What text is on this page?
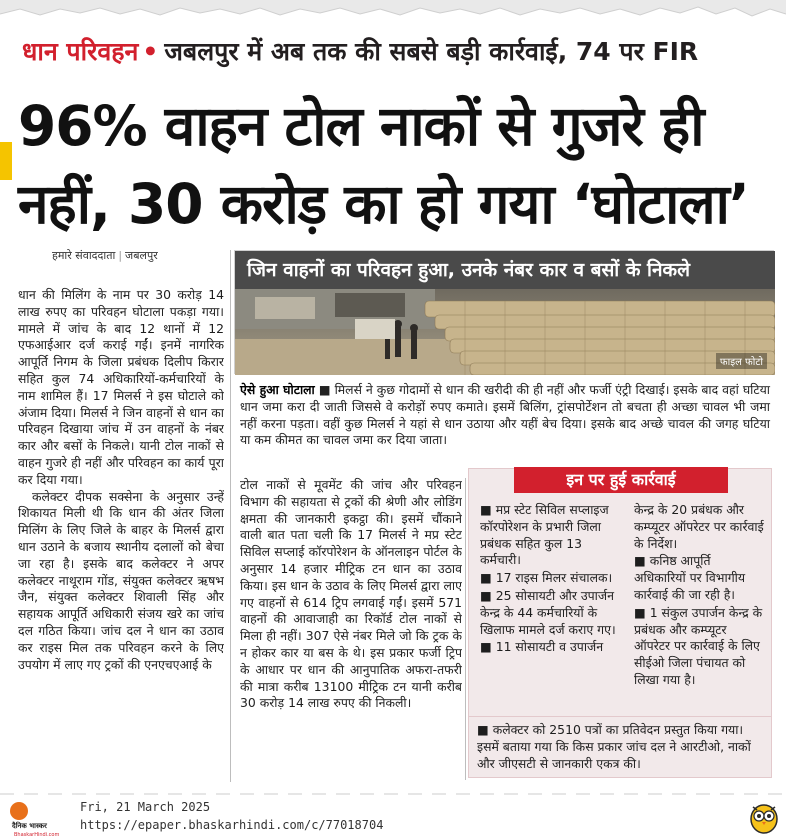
धान परिवहन • जबलपुर में अब तक की सबसे बड़ी कार्रवाई, 74 पर FIR
96% वाहन टोल नाकों से गुजरे ही
नहीं, 30 करोड़ का हो गया ‘घोटाला’
हमारे संवाददाता | जबलपुर

धान की मिलिंग के नाम पर 30 करोड़ 14 लाख रुपए का परिवहन घोटाला पकड़ा गया। मामले में जांच के बाद 12 थानों में 12 एफआईआर दर्ज कराई गईं। इनमें नागरिक आपूर्ति निगम के जिला प्रबंधक दिलीप किरार सहित कुल 74 अधिकारियों-कर्मचारियों के नाम शामिल हैं। 17 मिलर्स ने इस घोटाले को अंजाम दिया। मिलर्स ने जिन वाहनों से धान का परिवहन दिखाया जांच में उन वाहनों के नंबर कार और बसों के निकले। यानी टोल नाकों से वाहन गुजरे ही नहीं और परिवहन का कार्य पूरा कर दिया गया।

कलेक्टर दीपक सक्सेना के अनुसार उन्हें शिकायत मिली थी कि धान की अंतर जिला मिलिंग के लिए जिले के बाहर के मिलर्स द्वारा धान उठाने के बजाय स्थानीय दलालों को बेचा जा रहा है। इसके बाद कलेक्टर ने अपर कलेक्टर नाथूराम गोंड, संयुक्त कलेक्टर ऋषभ जैन, संयुक्त कलेक्टर शिवाली सिंह और सहायक आपूर्ति अधिकारी संजय खरे का जांच दल गठित किया। जांच दल ने धान का उठाव कर राइस मिल तक परिवहन करने के लिए उपयोग में लाए गए ट्रकों की एनएचएआई के

जिन वाहनों का परिवहन हुआ, उनके नंबर कार व बसों के निकले
फाइल फोटो
ऐसे हुआ घोटाला ■ मिलर्स ने कुछ गोदामों से धान की खरीदी की ही नहीं और फर्जी एंट्री दिखाई। इसके बाद वहां घटिया धान जमा करा दी जाती जिससे वे करोड़ों रुपए कमाते। इसमें बिलिंग, ट्रांसपोर्टेशन तो बचता ही अच्छा चावल भी जमा नहीं करना पड़ता। वहीं कुछ मिलर्स ने यहां से धान उठाया और यहीं बेच दिया। इसके बाद अच्छे चावल की जगह घटिया या कम कीमत का चावल जमा कर दिया जाता।
टोल नाकों से मूवमेंट की जांच और परिवहन विभाग की सहायता से ट्रकों की श्रेणी और लोडिंग क्षमता की जानकारी इकट्ठा की। इसमें चौंकाने वाली बात पता चली कि 17 मिलर्स ने मप्र स्टेट सिविल सप्लाई कॉरपोरेशन के ऑनलाइन पोर्टल के अनुसार 14 हजार मीट्रिक टन धान का उठाव किया। इस धान के उठाव के लिए मिलर्स द्वारा लाए गए वाहनों से 614 ट्रिप लगवाई गईं। इसमें 571 वाहनों की आवाजाही का रिकॉर्ड टोल नाकों से मिला ही नहीं। 307 ऐसे नंबर मिले जो कि ट्रक के न होकर कार या बस के थे। इस प्रकार फर्जी ट्रिप के आधार पर धान की आनुपातिक अफरा-तफरी की मात्रा करीब 13100 मीट्रिक टन यानी करीब 30 करोड़ 14 लाख रुपए की निकली।
इन पर हुई कार्रवाई
■ मप्र स्टेट सिविल सप्लाइज कॉरपोरेशन के प्रभारी जिला प्रबंधक सहित कुल 13 कर्मचारी।
■ 17 राइस मिलर संचालक।
■ 25 सोसायटी और उपार्जन केन्द्र के 44 कर्मचारियों के खिलाफ मामले दर्ज कराए गए।
■ 11 सोसायटी व उपार्जन
केन्द्र के 20 प्रबंधक और कम्प्यूटर ऑपरेटर पर कार्रवाई के निर्देश।
■ कनिष्ठ आपूर्ति अधिकारियों पर विभागीय कार्रवाई की जा रही है।
■ 1 संकुल उपार्जन केन्द्र के प्रबंधक और कम्प्यूटर ऑपरेटर पर कार्रवाई के लिए सीईओ जिला पंचायत को लिखा गया है।
■ कलेक्टर को 2510 पत्रों का प्रतिवेदन प्रस्तुत किया गया। इसमें बताया गया कि किस प्रकार जांच दल ने आरटीओ, नाकों और जीएसटी से जानकारी एकत्र की।
दैनिक भास्कर
BhaskarHindi.com
Fri, 21 March 2025
https://epaper.bhaskarhindi.com/c/77018704
